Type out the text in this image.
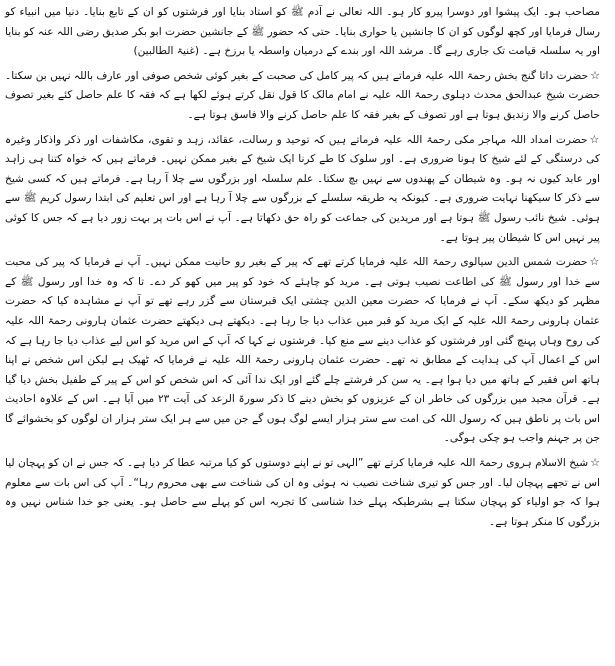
مصاحب ہو۔ ایک پیشوا اور دوسرا پیرو کار ہو۔ اللہ تعالی نے آدم ﷺ کو استاد بنایا اور فرشتوں کو ان کے تابع بنایا۔ دنیا میں انبیاء کو رسال فرمایا اور کچھ لوگوں کو ان کا جانشین یا حواری بنایا۔ حتی کہ حضور ﷺ کے جانشین حضرت ابو بکر صدیق رضی اللہ عنہ کو بنایا اور یہ سلسلہ قیامت تک جاری رہے گا۔ مرشد اللہ اور بندے کے درمیان واسطہ یا برزخ ہے۔ (غنیۃ الطالبین)

☆حضرت داتا گنج بخش رحمۃ اللہ علیہ فرماتے ہیں کہ پیر کامل کی صحبت کے بغیر کوئی شخص صوفی اور عارف باللہ نہیں بن سکتا۔ حضرت شیخ عبدالحق محدث دہلوی رحمۃ اللہ علیہ نے امام مالک کا قول نقل کرتے ہوئے لکھا ہے کہ فقہ کا علم حاصل کئے بغیر تصوف حاصل کرنے والا زندیق ہوتا ہے اور تصوف کے بغیر فقہ کا علم حاصل کرنے والا فاسق ہوتا ہے۔

☆حضرت امداد اللہ مہاجر مکی رحمۃ اللہ علیہ فرماتے ہیں کہ توحید و رسالت، عقائد، زہد و تقوی، مکاشفات اور ذکر واذکار وغیرہ کی درستگی کے لئے شیخ کا ہونا ضروری ہے۔ اور سلوک کا طے کرنا ایک شیخ کے بغیر ممکن نہیں۔ فرماتے ہیں کہ خواہ کتنا ہی زاہد اور عابد کیوں نہ ہو۔ وہ شیطان کے پھندوں سے نہیں بچ سکتا۔ علم سلسلہ اور بزرگوں سے چلا آ رہا ہے۔ فرماتے ہیں کہ کسی شیخ سے ذکر کا سیکھنا نہایت ضروری ہے۔ کیونکہ یہ طریقہ سلسلے کے بزرگوں سے چلا آ رہا ہے اور اس تعلیم کی ابتدا رسول کریم ﷺ سے ہوئی۔ شیخ نائب رسول ﷺ ہوتا ہے اور مریدین کی جماعت کو راہ حق دکھاتا ہے۔ آپ نے اس بات پر بہت زور دیا ہے کہ جس کا کوئی پیر نہیں اس کا شیطان پیر ہوتا ہے۔

☆حضرت شمس الدین سیالوی رحمۃ اللہ علیہ فرمایا کرتے تھے کہ پیر کے بغیر رو حانیت ممکن نہیں۔ آپ نے فرمایا کہ پیر کی محبت سے خدا اور رسول ﷺ کی اطاعت نصیب ہوتی ہے۔ مرید کو چاہئے کہ خود کو پیر میں کھو کر دے۔ تا کہ وہ خدا اور رسول ﷺ کے مظہر کو دیکھ سکے۔ آپ نے فرمایا کہ حضرت معین الدین چشتی ایک قبرستان سے گزر رہے تھے تو آپ نے مشاہدہ کیا کہ حضرت عثمان ہارونی رحمۃ اللہ علیہ کے ایک مرید کو قبر میں عذاب دیا جا رہا ہے۔ دیکھتے ہی دیکھتے حضرت عثمان ہارونی رحمۃ اللہ علیہ کی روح وہاں پہنچ گئی اور فرشتوں کو عذاب دینے سے منع کیا۔ فرشتوں نے کہا کہ آپ کے اس مرید کو اس لیے عذاب دیا جا رہا ہے کہ اس کے اعمال آپ کی ہدایت کے مطابق نہ تھے۔ حضرت عثمان ہارونی رحمۃ اللہ علیہ نے فرمایا کہ ٹھیک ہے لیکن اس شخص نے اپنا ہاتھ اس فقیر کے ہاتھ میں دیا ہوا ہے۔ یہ سن کر فرشتے چلے گئے اور ایک ندا آئی کہ اس شخص کو اس کے پیر کے طفیل بخش دیا گیا ہے۔ قرآن مجید میں بزرگوں کی خاطر ان کے عزیزوں کو بخش دینے کا ذکر سورۃ الرعد کی آیت ۲۳ میں آیا ہے۔ اس کے علاوہ احادیث اس بات پر ناطق ہیں کہ رسول اللہ کی امت سے ستر ہزار ایسے لوگ ہوں گے جن میں سے ہر ایک ستر ہزار ان لوگوں کو بخشوائے گا جن پر جہنم واجب ہو چکی ہوگی۔

☆شیخ الاسلام ہروی رحمۃ اللہ علیہ فرمایا کرتے تھے ”الہی تو نے اپنے دوستوں کو کیا مرتبہ عطا کر دیا ہے۔ کہ جس نے ان کو پہچان لیا اس نے تجھے پہچان لیا۔ اور جس کو تیری شناخت نصیب نہ ہوئی وہ ان کی شناخت سے بھی محروم رہا“۔ آپ کی اس بات سے معلوم ہوا کہ جو اولیاء کو پہچان سکتا ہے بشرطیکہ پہلے خدا شناسی کا تجربہ اس کو پہلے سے حاصل ہو۔ یعنی جو خدا شناس نہیں وہ بزرگوں کا منکر ہوتا ہے۔
